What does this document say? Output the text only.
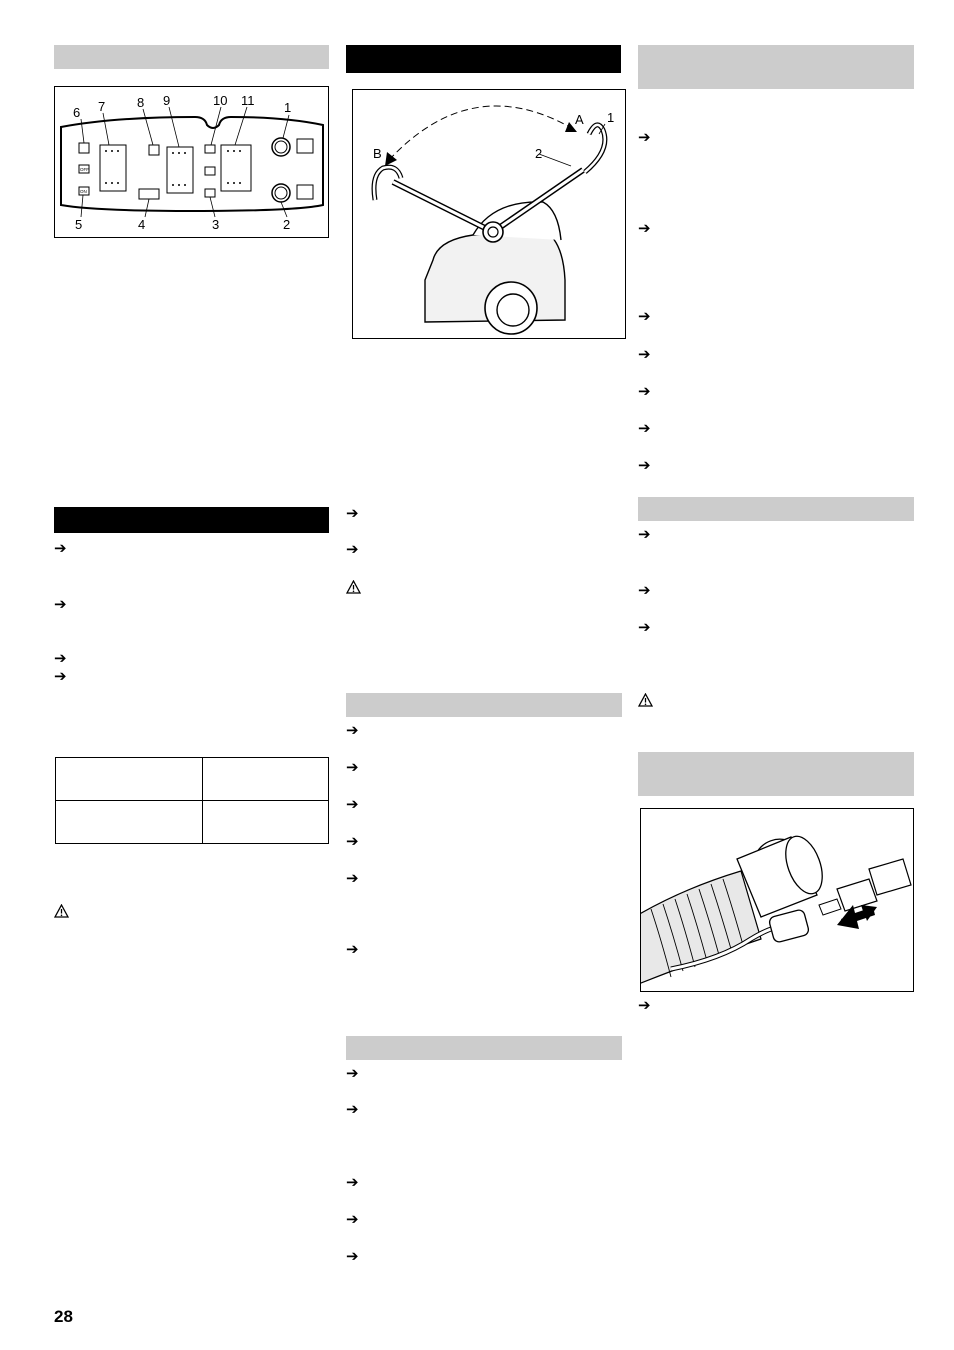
1
2
3
4
5
6 7 8 9	10 11
OFF
ON
➔
➔
➔
➔

28
A
B
1
2
➔
➔
➔
➔
➔
➔
➔
➔
➔
➔
➔
➔
➔
➔
➔
➔
➔
➔
➔
➔
➔
➔
➔
➔
